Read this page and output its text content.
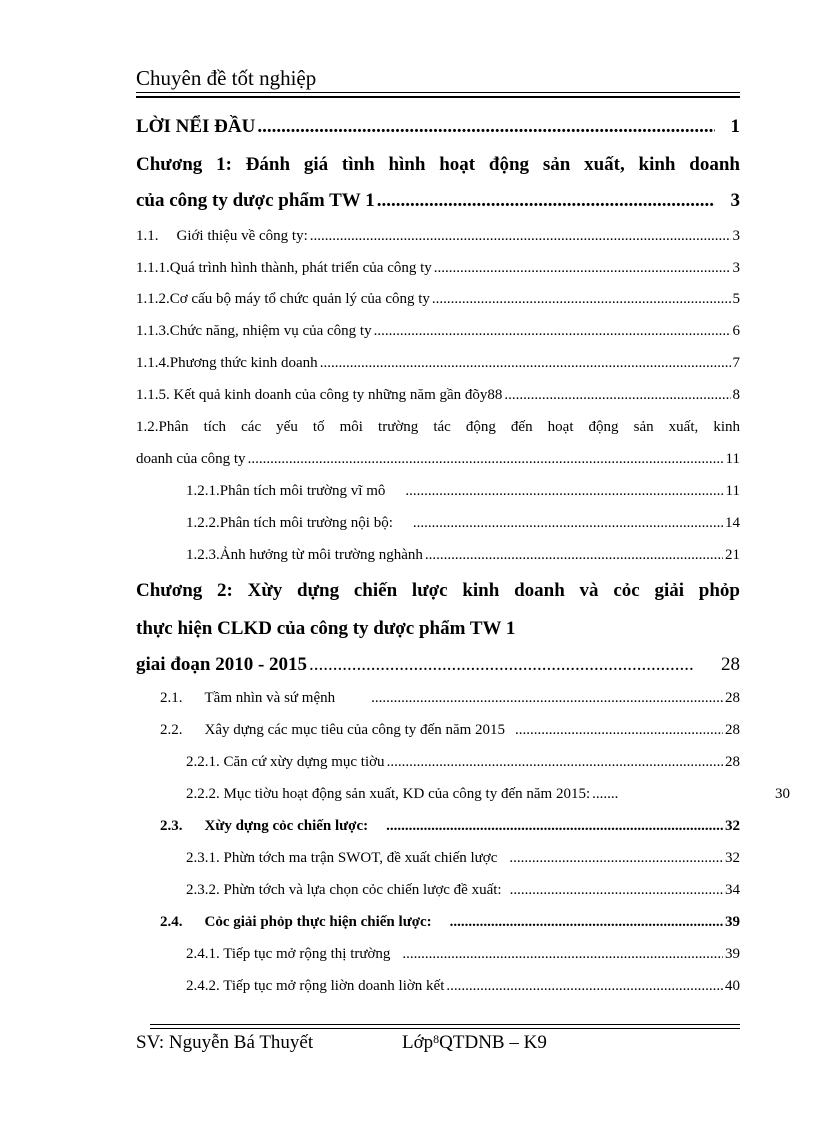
Chuyên đề tốt nghiệp
LỜI NỂI ĐẦU .....	1
Chương 1: Đánh giá tình hình hoạt động sản xuất, kinh doanh
của công ty dược phẩm TW 1 .....	3
1.1. Giới thiệu về công ty: .....	3
1.1.1.Quá trình hình thành, phát triển của công ty .....	3
1.1.2.Cơ cấu bộ máy tổ chức quản lý của công ty .....	5
1.1.3.Chức năng, nhiệm vụ của công ty .....	6
1.1.4.Phương thức kinh doanh .....	7
1.1.5. Kết quả kinh doanh của công ty những năm gần đõy88 .....	8
1.2.Phân tích các yếu tố môi trường tác động đến hoạt động sản xuất, kinh
doanh của công ty .....	11
1.2.1.Phân tích môi trường vĩ mô .....	11
1.2.2.Phân tích môi trường nội bộ: .....	14
1.2.3.Ảnh hưởng từ môi trường nghành .....	21
Chương 2: Xừy dựng chiến lược kinh doanh và cỏc giải phỏp
thực hiện CLKD của công ty dược phẩm TW 1
giai đoạn 2010 - 2015 .....	28
2.1. Tầm nhìn và sứ mệnh .....	28
2.2. Xây dựng các mục tiêu của công ty đến năm 2015 .....	28
2.2.1. Căn cứ xừy dựng mục tiờu .....	28
2.2.2. Mục tiờu hoạt động sản xuất, KD của công ty đến năm 2015: .......	30
2.3. Xừy dựng cỏc chiến lược: .....	32
2.3.1. Phừn tớch ma trận SWOT, đề xuất chiến lược .....	32
2.3.2. Phừn tớch và lựa chọn cỏc chiến lược đề xuất: .....	34
2.4. Cỏc giải phỏp thực hiện chiến lược: .....	39
2.4.1. Tiếp tục mở rộng thị trường .....	39
2.4.2. Tiếp tục mở rộng liờn doanh liờn kết .....	40
SV: Nguyễn Bá Thuyết	Lớp$^8$QTDNB – K9
